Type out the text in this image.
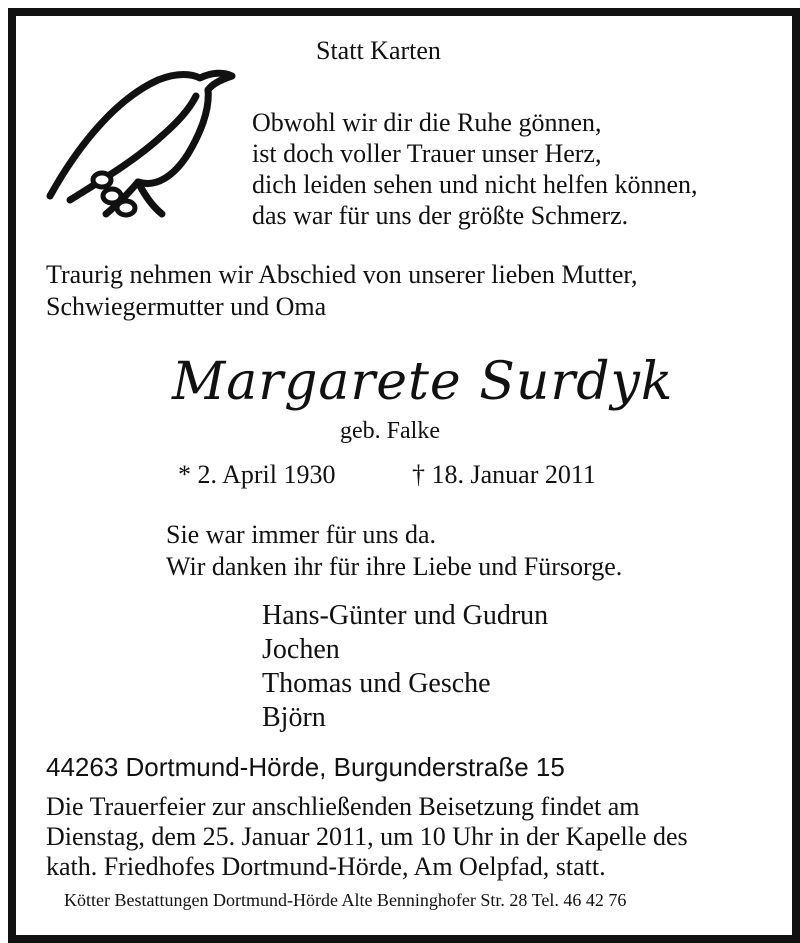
Statt Karten
Obwohl wir dir die Ruhe gönnen,
ist doch voller Trauer unser Herz,
dich leiden sehen und nicht helfen können,
das war für uns der größte Schmerz.
Traurig nehmen wir Abschied von unserer lieben Mutter,
Schwiegermutter und Oma
Margarete Surdyk
geb. Falke
* 2. April 1930	† 18. Januar 2011
Sie war immer für uns da.
Wir danken ihr für ihre Liebe und Fürsorge.
Hans-Günter und Gudrun
Jochen
Thomas und Gesche
Björn
44263 Dortmund-Hörde, Burgunderstraße 15
Die Trauerfeier zur anschließenden Beisetzung findet am
Dienstag, dem 25. Januar 2011, um 10 Uhr in der Kapelle des
kath. Friedhofes Dortmund-Hörde, Am Oelpfad, statt.
Kötter Bestattungen Dortmund-Hörde Alte Benninghofer Str. 28 Tel. 46 42 76
